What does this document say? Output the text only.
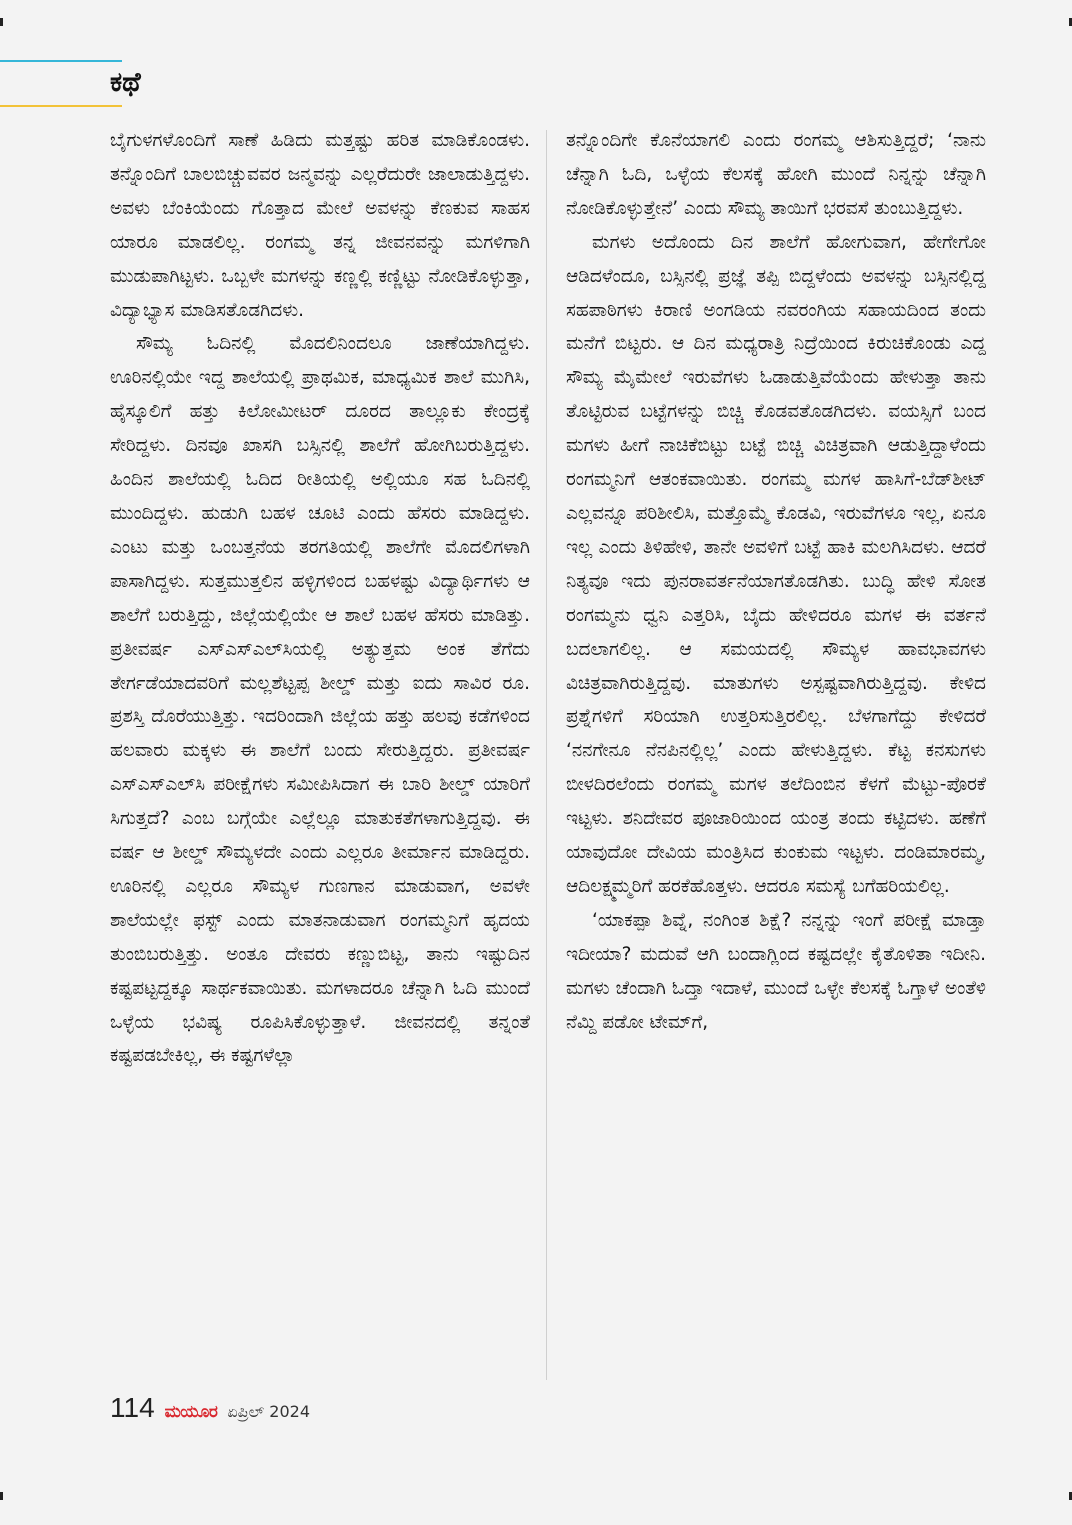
ಕಥೆ

ಬೈಗುಳಗಳೊಂದಿಗೆ ಸಾಣೆ ಹಿಡಿದು ಮತ್ತಷ್ಟು ಹರಿತ ಮಾಡಿಕೊಂಡಳು. ತನ್ನೊಂದಿಗೆ ಬಾಲಬಿಚ್ಚುವವರ ಜನ್ಮವನ್ನು ಎಲ್ಲರೆದುರೇ ಜಾಲಾಡುತ್ತಿದ್ದಳು. ಅವಳು ಬೆಂಕಿಯೆಂದು ಗೊತ್ತಾದ ಮೇಲೆ ಅವಳನ್ನು ಕೆಣಕುವ ಸಾಹಸ ಯಾರೂ ಮಾಡಲಿಲ್ಲ. ರಂಗಮ್ಮ ತನ್ನ ಜೀವನವನ್ನು ಮಗಳಿಗಾಗಿ ಮುಡುಪಾಗಿಟ್ಟಳು. ಒಬ್ಬಳೇ ಮಗಳನ್ನು ಕಣ್ಣಲ್ಲಿ ಕಣ್ಣಿಟ್ಟು ನೋಡಿಕೊಳ್ಳುತ್ತಾ, ವಿದ್ಯಾಭ್ಯಾಸ ಮಾಡಿಸತೊಡಗಿದಳು.

ಸೌಮ್ಯ ಓದಿನಲ್ಲಿ ಮೊದಲಿನಿಂದಲೂ ಜಾಣೆಯಾಗಿದ್ದಳು. ಊರಿನಲ್ಲಿಯೇ ಇದ್ದ ಶಾಲೆಯಲ್ಲಿ ಪ್ರಾಥಮಿಕ, ಮಾಧ್ಯಮಿಕ ಶಾಲೆ ಮುಗಿಸಿ, ಹೈಸ್ಕೂಲಿಗೆ ಹತ್ತು ಕಿಲೋಮೀಟರ್ ದೂರದ ತಾಲ್ಲೂಕು ಕೇಂದ್ರಕ್ಕೆ ಸೇರಿದ್ದಳು. ದಿನವೂ ಖಾಸಗಿ ಬಸ್ಸಿನಲ್ಲಿ ಶಾಲೆಗೆ ಹೋಗಿಬರುತ್ತಿದ್ದಳು. ಹಿಂದಿನ ಶಾಲೆಯಲ್ಲಿ ಓದಿದ ರೀತಿಯಲ್ಲಿ ಅಲ್ಲಿಯೂ ಸಹ ಓದಿನಲ್ಲಿ ಮುಂದಿದ್ದಳು. ಹುಡುಗಿ ಬಹಳ ಚೂಟಿ ಎಂದು ಹೆಸರು ಮಾಡಿದ್ದಳು. ಎಂಟು ಮತ್ತು ಒಂಬತ್ತನೆಯ ತರಗತಿಯಲ್ಲಿ ಶಾಲೆಗೇ ಮೊದಲಿಗಳಾಗಿ ಪಾಸಾಗಿದ್ದಳು. ಸುತ್ತಮುತ್ತಲಿನ ಹಳ್ಳಿಗಳಿಂದ ಬಹಳಷ್ಟು ವಿದ್ಯಾರ್ಥಿಗಳು ಆ ಶಾಲೆಗೆ ಬರುತ್ತಿದ್ದು, ಜಿಲ್ಲೆಯಲ್ಲಿಯೇ ಆ ಶಾಲೆ ಬಹಳ ಹೆಸರು ಮಾಡಿತ್ತು. ಪ್ರತೀವರ್ಷ ಎಸ್‌ಎಸ್‌ಎಲ್‌ಸಿಯಲ್ಲಿ ಅತ್ಯುತ್ತಮ ಅಂಕ ತೆಗೆದು ತೇರ್ಗಡೆಯಾದವರಿಗೆ ಮಲ್ಲಶೆಟ್ಟಪ್ಪ ಶೀಲ್ಡ್ ಮತ್ತು ಐದು ಸಾವಿರ ರೂ. ಪ್ರಶಸ್ತಿ ದೊರೆಯುತ್ತಿತ್ತು. ಇದರಿಂದಾಗಿ ಜಿಲ್ಲೆಯ ಹತ್ತು ಹಲವು ಕಡೆಗಳಿಂದ ಹಲವಾರು ಮಕ್ಕಳು ಈ ಶಾಲೆಗೆ ಬಂದು ಸೇರುತ್ತಿದ್ದರು. ಪ್ರತೀವರ್ಷ ಎಸ್‌ಎಸ್‌ಎಲ್‌ಸಿ ಪರೀಕ್ಷೆಗಳು ಸಮೀಪಿಸಿದಾಗ ಈ ಬಾರಿ ಶೀಲ್ಡ್ ಯಾರಿಗೆ ಸಿಗುತ್ತದೆ? ಎಂಬ ಬಗ್ಗೆಯೇ ಎಲ್ಲೆಲ್ಲೂ ಮಾತುಕತೆಗಳಾಗುತ್ತಿದ್ದವು. ಈ ವರ್ಷ ಆ ಶೀಲ್ಡ್ ಸೌಮ್ಯಳದೇ ಎಂದು ಎಲ್ಲರೂ ತೀರ್ಮಾನ ಮಾಡಿದ್ದರು. ಊರಿನಲ್ಲಿ ಎಲ್ಲರೂ ಸೌಮ್ಯಳ ಗುಣಗಾನ ಮಾಡುವಾಗ, ಅವಳೇ ಶಾಲೆಯಲ್ಲೇ ಫಸ್ಟ್ ಎಂದು ಮಾತನಾಡುವಾಗ ರಂಗಮ್ಮನಿಗೆ ಹೃದಯ ತುಂಬಿಬರುತ್ತಿತ್ತು. ಅಂತೂ ದೇವರು ಕಣ್ಣುಬಿಟ್ಟ, ತಾನು ಇಷ್ಟುದಿನ ಕಷ್ಟಪಟ್ಟದ್ದಕ್ಕೂ ಸಾರ್ಥಕವಾಯಿತು. ಮಗಳಾದರೂ ಚೆನ್ನಾಗಿ ಓದಿ ಮುಂದೆ ಒಳ್ಳೆಯ ಭವಿಷ್ಯ ರೂಪಿಸಿಕೊಳ್ಳುತ್ತಾಳೆ. ಜೀವನದಲ್ಲಿ ತನ್ನಂತೆ ಕಷ್ಟಪಡಬೇಕಿಲ್ಲ, ಈ ಕಷ್ಟಗಳೆಲ್ಲಾ

ತನ್ನೊಂದಿಗೇ ಕೊನೆಯಾಗಲಿ ಎಂದು ರಂಗಮ್ಮ ಆಶಿಸುತ್ತಿದ್ದರೆ; ‘ನಾನು ಚೆನ್ನಾಗಿ ಓದಿ, ಒಳ್ಳೆಯ ಕೆಲಸಕ್ಕೆ ಹೋಗಿ ಮುಂದೆ ನಿನ್ನನ್ನು ಚೆನ್ನಾಗಿ ನೋಡಿಕೊಳ್ಳುತ್ತೇನೆ’ ಎಂದು ಸೌಮ್ಯ ತಾಯಿಗೆ ಭರವಸೆ ತುಂಬುತ್ತಿದ್ದಳು.

ಮಗಳು ಅದೊಂದು ದಿನ ಶಾಲೆಗೆ ಹೋಗುವಾಗ, ಹೇಗೇಗೋ ಆಡಿದಳೆಂದೂ, ಬಸ್ಸಿನಲ್ಲಿ ಪ್ರಜ್ಞೆ ತಪ್ಪಿ ಬಿದ್ದಳೆಂದು ಅವಳನ್ನು ಬಸ್ಸಿನಲ್ಲಿದ್ದ ಸಹಪಾಠಿಗಳು ಕಿರಾಣಿ ಅಂಗಡಿಯ ನವರಂಗಿಯ ಸಹಾಯದಿಂದ ತಂದು ಮನೆಗೆ ಬಿಟ್ಟರು. ಆ ದಿನ ಮಧ್ಯರಾತ್ರಿ ನಿದ್ರೆಯಿಂದ ಕಿರುಚಿಕೊಂಡು ಎದ್ದ ಸೌಮ್ಯ ಮೈಮೇಲೆ ಇರುವೆಗಳು ಓಡಾಡುತ್ತಿವೆಯೆಂದು ಹೇಳುತ್ತಾ ತಾನು ತೊಟ್ಟಿರುವ ಬಟ್ಟೆಗಳನ್ನು ಬಿಚ್ಚಿ ಕೊಡವತೊಡಗಿದಳು. ವಯಸ್ಸಿಗೆ ಬಂದ ಮಗಳು ಹೀಗೆ ನಾಚಿಕೆಬಿಟ್ಟು ಬಟ್ಟೆ ಬಿಚ್ಚಿ ವಿಚಿತ್ರವಾಗಿ ಆಡುತ್ತಿದ್ದಾಳೆಂದು ರಂಗಮ್ಮನಿಗೆ ಆತಂಕವಾಯಿತು. ರಂಗಮ್ಮ ಮಗಳ ಹಾಸಿಗೆ-ಬೆಡ್‌ಶೀಟ್ ಎಲ್ಲವನ್ನೂ ಪರಿಶೀಲಿಸಿ, ಮತ್ತೊಮ್ಮೆ ಕೊಡವಿ, ಇರುವೆಗಳೂ ಇಲ್ಲ, ಏನೂ ಇಲ್ಲ ಎಂದು ತಿಳಿಹೇಳಿ, ತಾನೇ ಅವಳಿಗೆ ಬಟ್ಟೆ ಹಾಕಿ ಮಲಗಿಸಿದಳು. ಆದರೆ ನಿತ್ಯವೂ ಇದು ಪುನರಾವರ್ತನೆಯಾಗತೊಡಗಿತು. ಬುದ್ಧಿ ಹೇಳಿ ಸೋತ ರಂಗಮ್ಮನು ಧ್ವನಿ ಎತ್ತರಿಸಿ, ಬೈದು ಹೇಳಿದರೂ ಮಗಳ ಈ ವರ್ತನೆ ಬದಲಾಗಲಿಲ್ಲ. ಆ ಸಮಯದಲ್ಲಿ ಸೌಮ್ಯಳ ಹಾವಭಾವಗಳು ವಿಚಿತ್ರವಾಗಿರುತ್ತಿದ್ದವು. ಮಾತುಗಳು ಅಸ್ಪಷ್ಟವಾಗಿರುತ್ತಿದ್ದವು. ಕೇಳಿದ ಪ್ರಶ್ನೆಗಳಿಗೆ ಸರಿಯಾಗಿ ಉತ್ತರಿಸುತ್ತಿರಲಿಲ್ಲ. ಬೆಳಗಾಗೆದ್ದು ಕೇಳಿದರೆ ‘ನನಗೇನೂ ನೆನಪಿನಲ್ಲಿಲ್ಲ’ ಎಂದು ಹೇಳುತ್ತಿದ್ದಳು. ಕೆಟ್ಟ ಕನಸುಗಳು ಬೀಳದಿರಲೆಂದು ರಂಗಮ್ಮ ಮಗಳ ತಲೆದಿಂಬಿನ ಕೆಳಗೆ ಮೆಟ್ಟು-ಪೊರಕೆ ಇಟ್ಟಳು. ಶನಿದೇವರ ಪೂಜಾರಿಯಿಂದ ಯಂತ್ರ ತಂದು ಕಟ್ಟಿದಳು. ಹಣೆಗೆ ಯಾವುದೋ ದೇವಿಯ ಮಂತ್ರಿಸಿದ ಕುಂಕುಮ ಇಟ್ಟಳು. ದಂಡಿಮಾರಮ್ಮ, ಆದಿಲಕ್ಷ್ಮಮ್ಮರಿಗೆ ಹರಕೆಹೊತ್ತಳು. ಆದರೂ ಸಮಸ್ಯೆ ಬಗೆಹರಿಯಲಿಲ್ಲ.

‘ಯಾಕಪ್ಪಾ ಶಿವ್ನೆ, ನಂಗಿಂತ ಶಿಕ್ಷೆ? ನನ್ನನ್ನು ಇಂಗೆ ಪರೀಕ್ಷೆ ಮಾಡ್ತಾ ಇದೀಯಾ? ಮದುವೆ ಆಗಿ ಬಂದಾಗ್ಲಿಂದ ಕಷ್ಟದಲ್ಲೇ ಕೈತೊಳಿತಾ ಇದೀನಿ. ಮಗಳು ಚೆಂದಾಗಿ ಓದ್ತಾ ಇದಾಳೆ, ಮುಂದೆ ಒಳ್ಳೇ ಕೆಲಸಕ್ಕೆ ಓಗ್ತಾಳೆ ಅಂತೆಳಿ ನೆಮ್ದಿ ಪಡೋ ಟೇಮ್‌ಗೆ,

114 ಮಯೂರ ಏಪ್ರಿಲ್ 2024
